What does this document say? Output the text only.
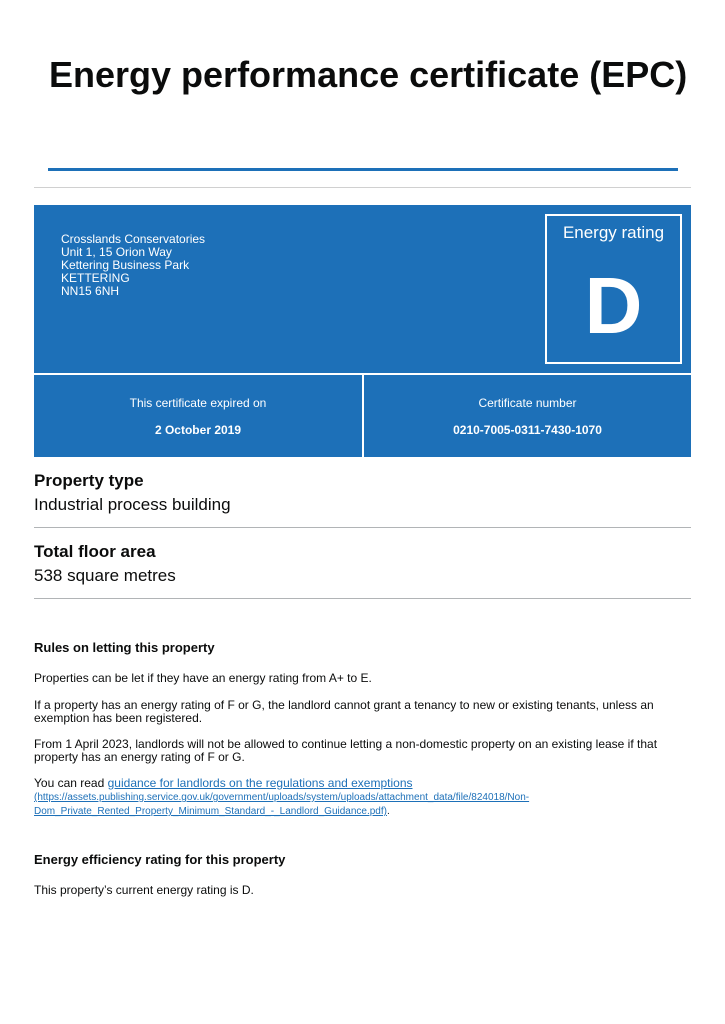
Energy performance certificate (EPC)
Crosslands Conservatories
Unit 1, 15 Orion Way
Kettering Business Park
KETTERING
NN15 6NH
Energy rating
D
This certificate expired on
2 October 2019
Certificate number
0210-7005-0311-7430-1070
Property type
Industrial process building
Total floor area
538 square metres
Rules on letting this property
Properties can be let if they have an energy rating from A+ to E.
If a property has an energy rating of F or G, the landlord cannot grant a tenancy to new or existing tenants, unless an exemption has been registered.
From 1 April 2023, landlords will not be allowed to continue letting a non-domestic property on an existing lease if that property has an energy rating of F or G.
You can read guidance for landlords on the regulations and exemptions
(https://assets.publishing.service.gov.uk/government/uploads/system/uploads/attachment_data/file/824018/Non-
Dom_Private_Rented_Property_Minimum_Standard_-_Landlord_Guidance.pdf).
Energy efficiency rating for this property
This property’s current energy rating is D.
